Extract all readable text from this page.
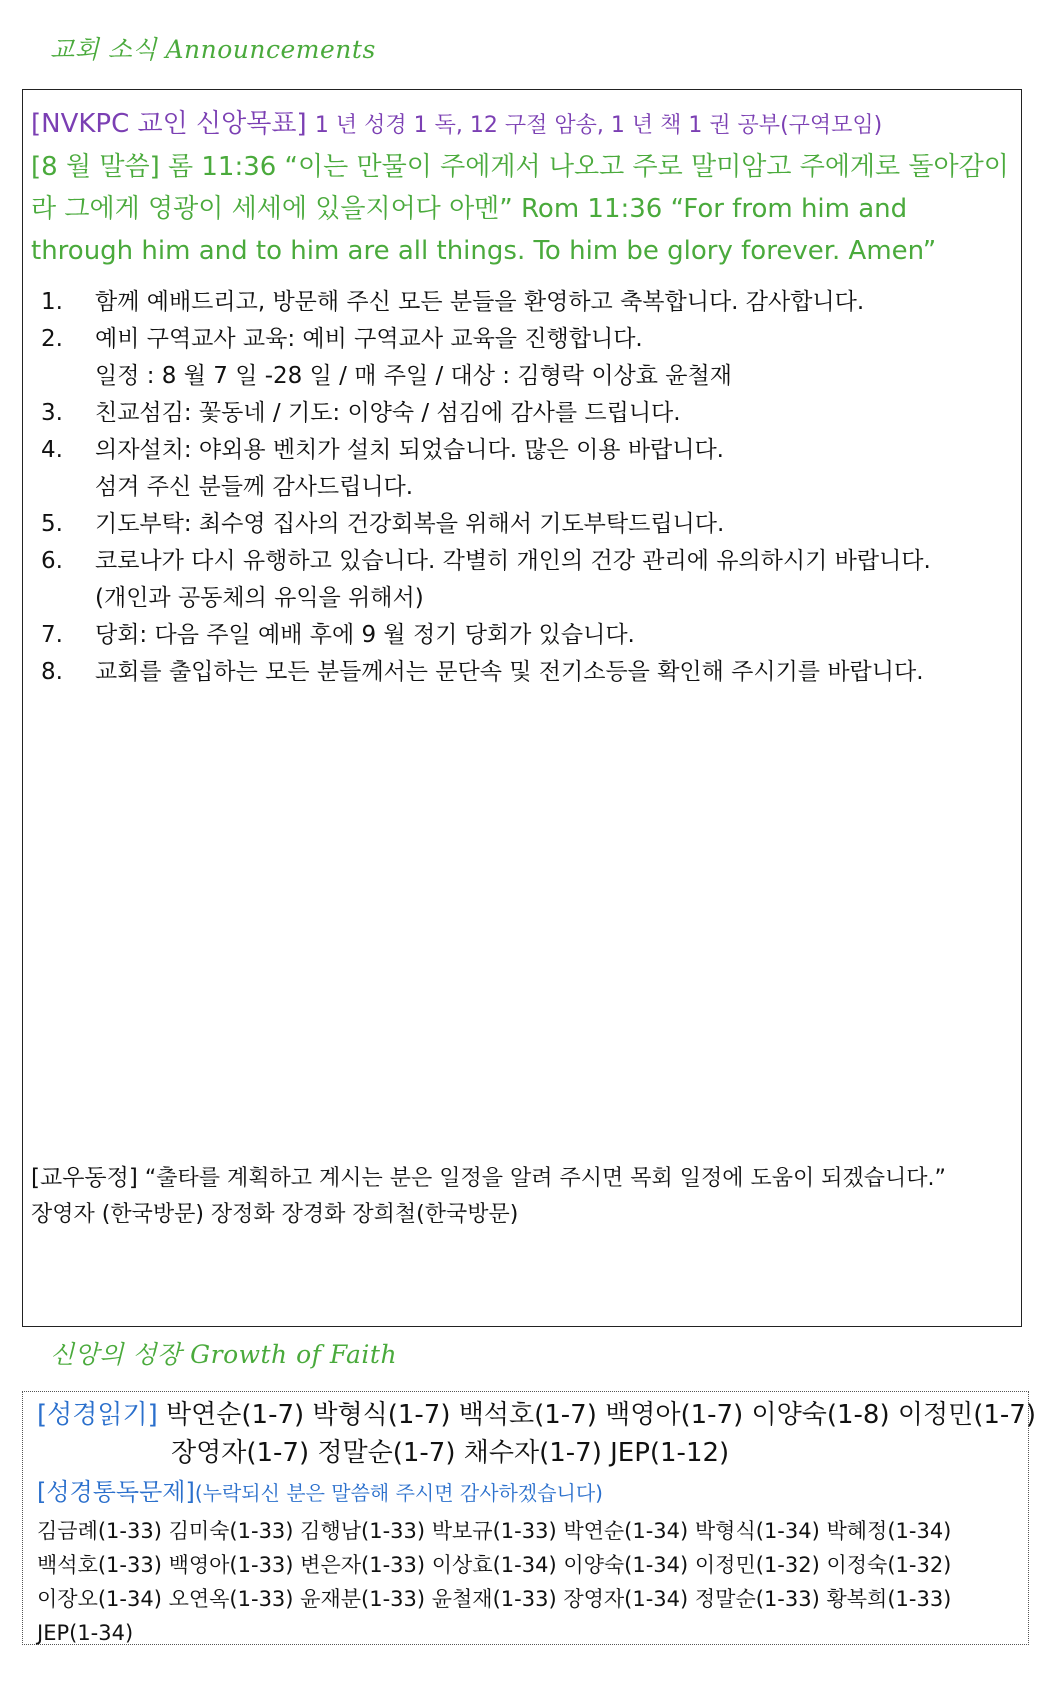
교회 소식 Announcements
[NVKPC 교인 신앙목표] 1 년 성경 1 독, 12 구절 암송, 1 년 책 1 권 공부(구역모임)
[8 월 말씀] 롬 11:36 “이는 만물이 주에게서 나오고 주로 말미암고 주에게로 돌아감이라 그에게 영광이 세세에 있을지어다 아멘” Rom 11:36 “For from him and through him and to him are all things. To him be glory forever. Amen”
1.	함께 예배드리고, 방문해 주신 모든 분들을 환영하고 축복합니다. 감사합니다.
2.	예비 구역교사 교육: 예비 구역교사 교육을 진행합니다.
일정 : 8 월 7 일 -28 일 / 매 주일 / 대상 : 김형락 이상효 윤철재
3.	친교섬김: 꽃동네 / 기도: 이양숙 / 섬김에 감사를 드립니다.
4.	의자설치: 야외용 벤치가 설치 되었습니다. 많은 이용 바랍니다.
섬겨 주신 분들께 감사드립니다.
5.	기도부탁: 최수영 집사의 건강회복을 위해서 기도부탁드립니다.
6.	코로나가 다시 유행하고 있습니다. 각별히 개인의 건강 관리에 유의하시기 바랍니다.
(개인과 공동체의 유익을 위해서)
7.	당회: 다음 주일 예배 후에 9 월 정기 당회가 있습니다.
8.	교회를 출입하는 모든 분들께서는 문단속 및 전기소등을 확인해 주시기를 바랍니다.
[교우동정] “출타를 계획하고 계시는 분은 일정을 알려 주시면 목회 일정에 도움이 되겠습니다.”
장영자 (한국방문) 장정화 장경화 장희철(한국방문)
신앙의 성장 Growth of Faith
[성경읽기] 박연순(1-7) 박형식(1-7) 백석호(1-7) 백영아(1-7) 이양숙(1-8) 이정민(1-7)
장영자(1-7) 정말순(1-7) 채수자(1-7) JEP(1-12)
[성경통독문제](누락되신 분은 말씀해 주시면 감사하겠습니다)
김금례(1-33) 김미숙(1-33) 김행남(1-33) 박보규(1-33) 박연순(1-34) 박형식(1-34) 박혜정(1-34)
백석호(1-33) 백영아(1-33) 변은자(1-33) 이상효(1-34) 이양숙(1-34) 이정민(1-32) 이정숙(1-32)
이장오(1-34) 오연옥(1-33) 윤재분(1-33) 윤철재(1-33) 장영자(1-34) 정말순(1-33) 황복희(1-33)
JEP(1-34)
